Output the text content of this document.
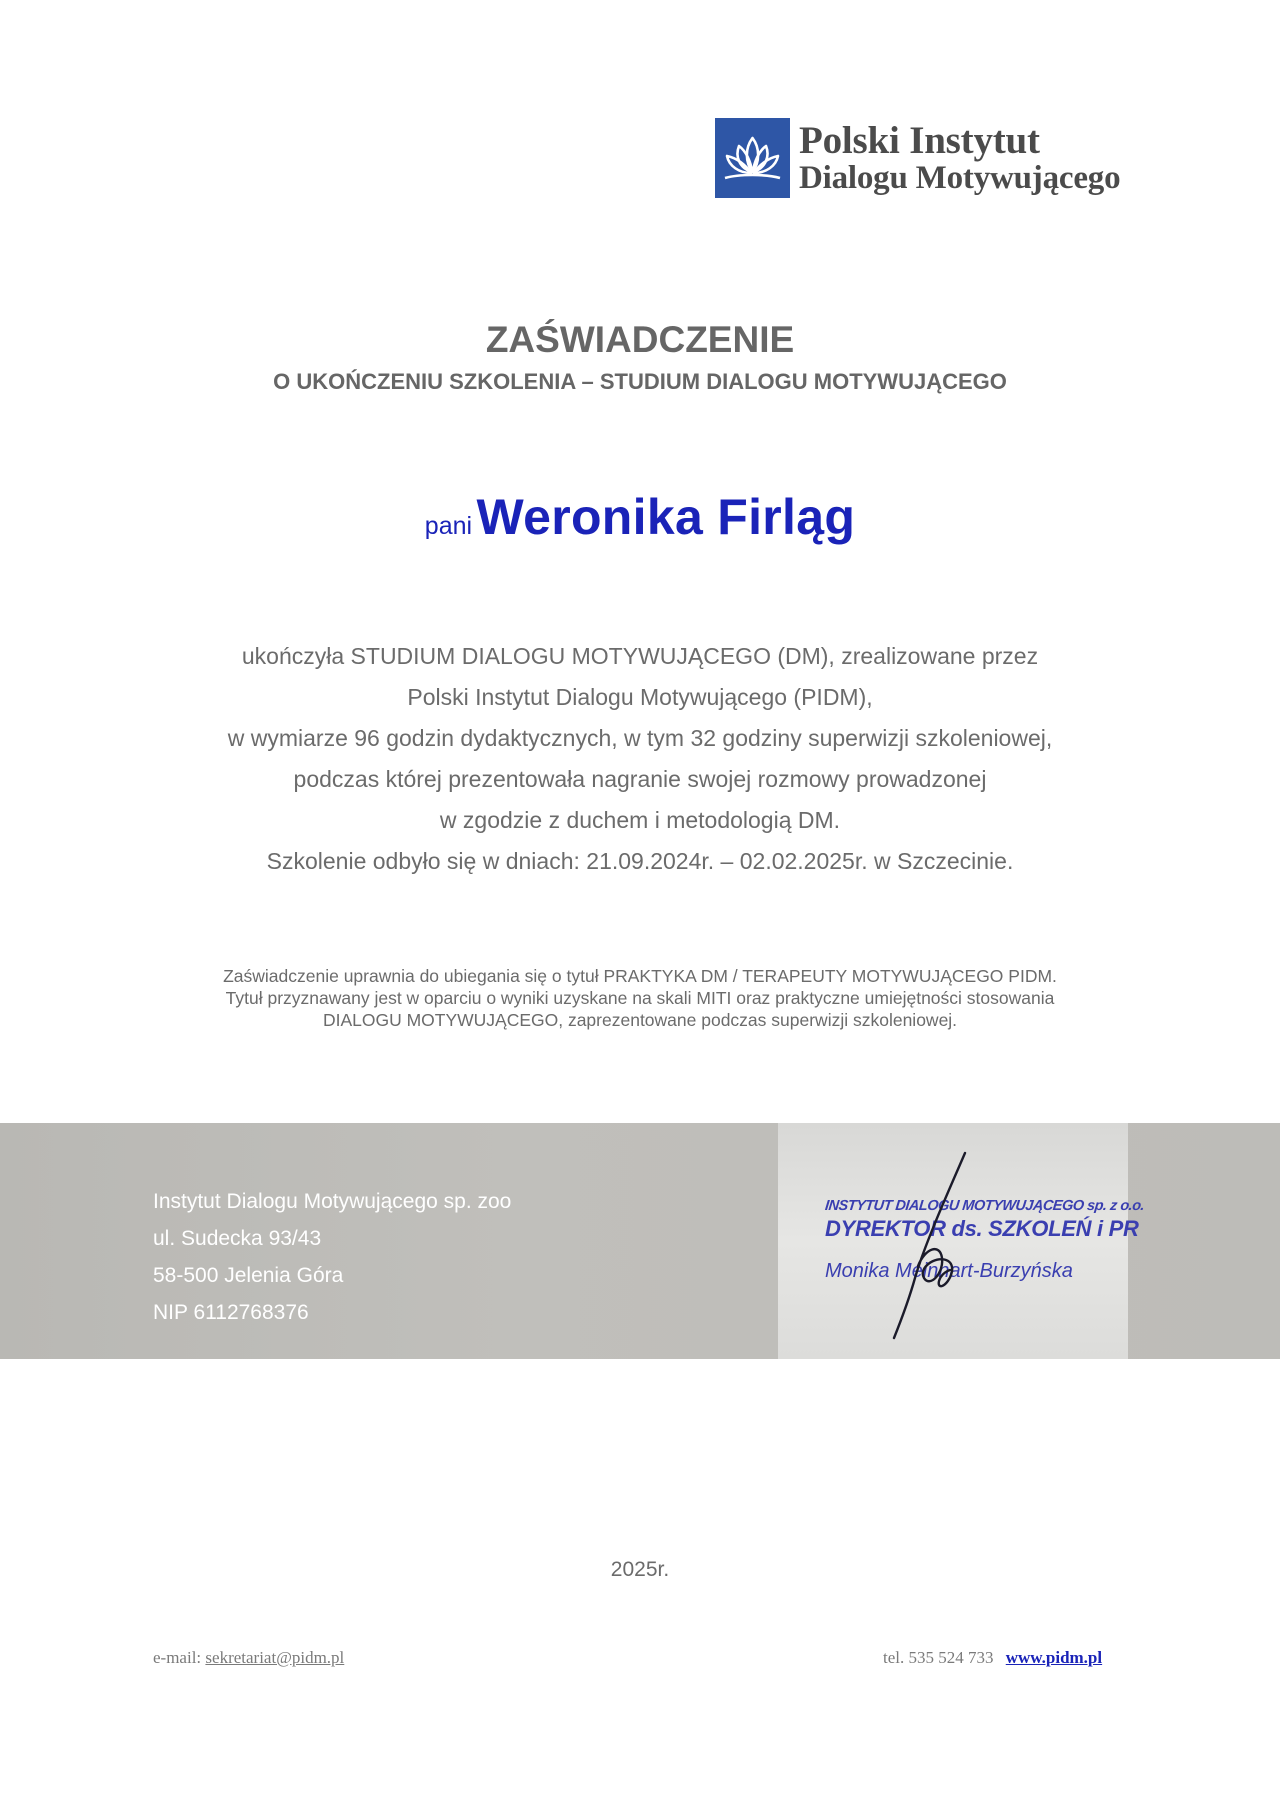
Polski Instytut
Dialogu Motywującego
ZAŚWIADCZENIE
O UKOŃCZENIU SZKOLENIA – STUDIUM DIALOGU MOTYWUJĄCEGO
pani Weronika Firląg
ukończyła STUDIUM DIALOGU MOTYWUJĄCEGO (DM), zrealizowane przez
Polski Instytut Dialogu Motywującego (PIDM),
w wymiarze 96 godzin dydaktycznych, w tym 32 godziny superwizji szkoleniowej,
podczas której prezentowała nagranie swojej rozmowy prowadzonej
w zgodzie z duchem i metodologią DM.
Szkolenie odbyło się w dniach: 21.09.2024r. – 02.02.2025r. w Szczecinie.
Zaświadczenie uprawnia do ubiegania się o tytuł PRAKTYKA DM / TERAPEUTY MOTYWUJĄCEGO PIDM.
Tytuł przyznawany jest w oparciu o wyniki uzyskane na skali MITI oraz praktyczne umiejętności stosowania
DIALOGU MOTYWUJĄCEGO, zaprezentowane podczas superwizji szkoleniowej.
Instytut Dialogu Motywującego sp. zoo
ul. Sudecka 93/43
58-500 Jelenia Góra
NIP 6112768376
INSTYTUT DIALOGU MOTYWUJĄCEGO sp. z o.o.
DYREKTOR ds. SZKOLEŃ i PR
Monika Meinhart-Burzyńska
2025r.
e-mail: sekretariat@pidm.pl	tel. 535 524 733 www.pidm.pl
